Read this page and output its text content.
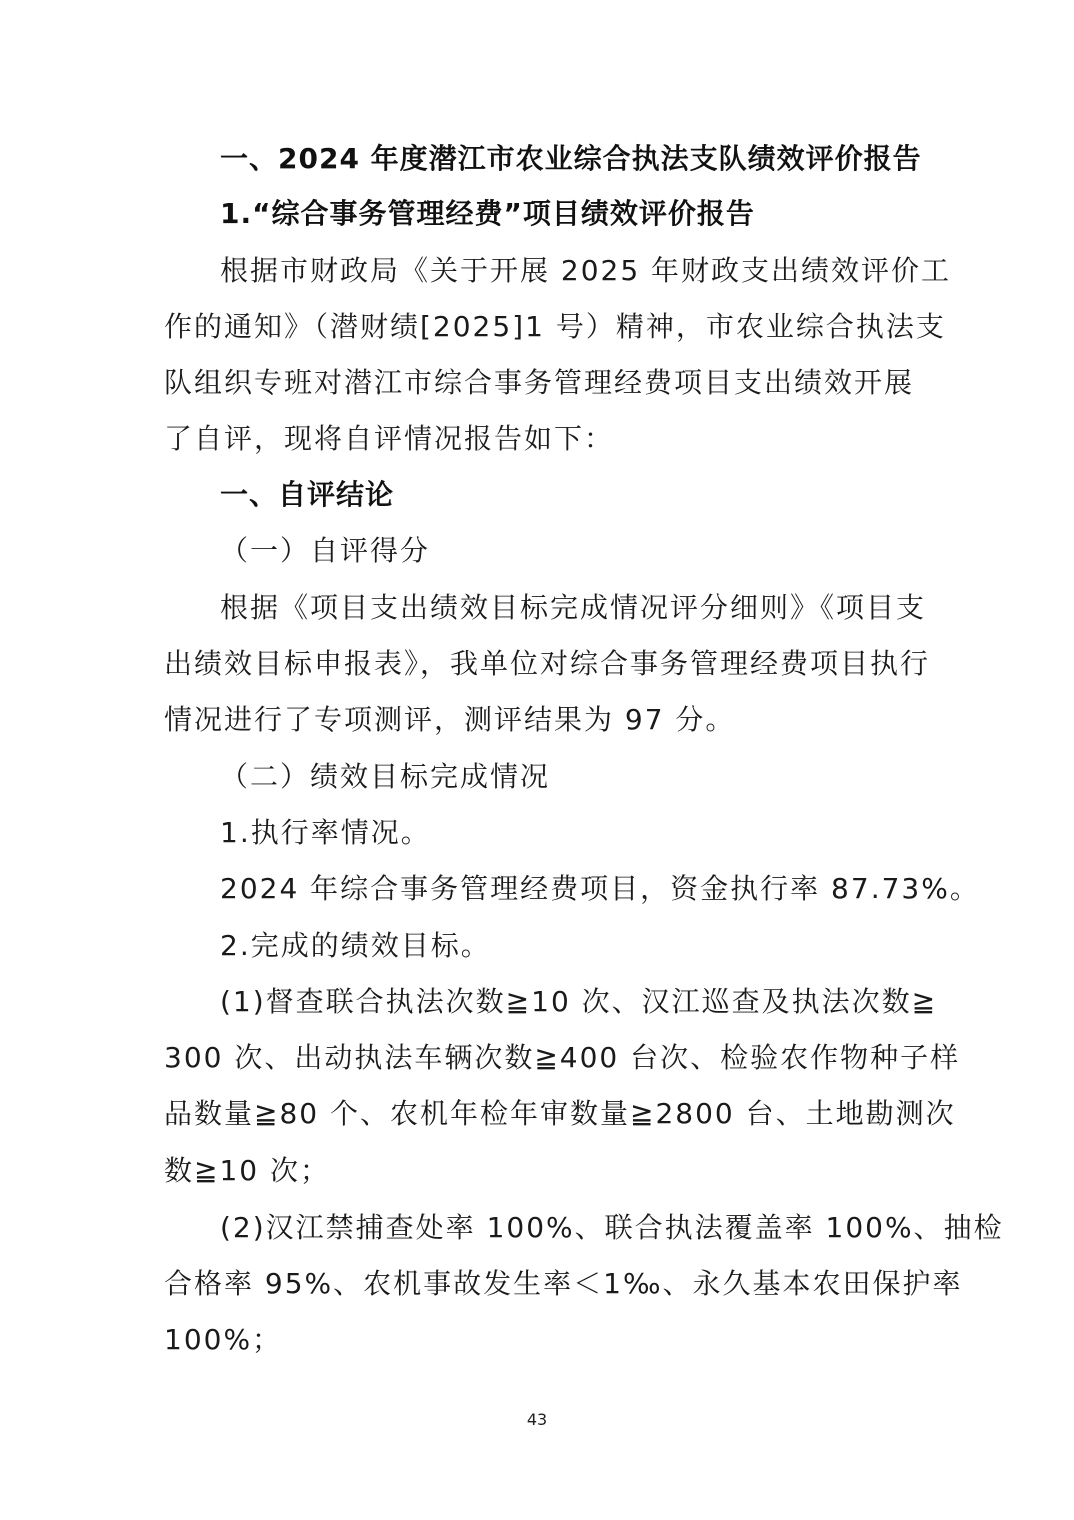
一、2024 年度潜江市农业综合执法支队绩效评价报告
1.“综合事务管理经费”项目绩效评价报告
根据市财政局《关于开展 2025 年财政支出绩效评价工
作的通知》（潜财绩[2025]1 号）精神，市农业综合执法支
队组织专班对潜江市综合事务管理经费项目支出绩效开展
了自评，现将自评情况报告如下：
一、自评结论
（一）自评得分
根据《项目支出绩效目标完成情况评分细则》《项目支
出绩效目标申报表》，我单位对综合事务管理经费项目执行
情况进行了专项测评，测评结果为 97 分。
（二）绩效目标完成情况
1.执行率情况。
2024 年综合事务管理经费项目，资金执行率 87.73%。
2.完成的绩效目标。
(1)督查联合执法次数≧10 次、汉江巡查及执法次数≧
300 次、出动执法车辆次数≧400 台次、检验农作物种子样
品数量≧80 个、农机年检年审数量≧2800 台、土地勘测次
数≧10 次；
(2)汉江禁捕查处率 100%、联合执法覆盖率 100%、抽检
合格率 95%、农机事故发生率＜1‰、永久基本农田保护率
100%；
43
